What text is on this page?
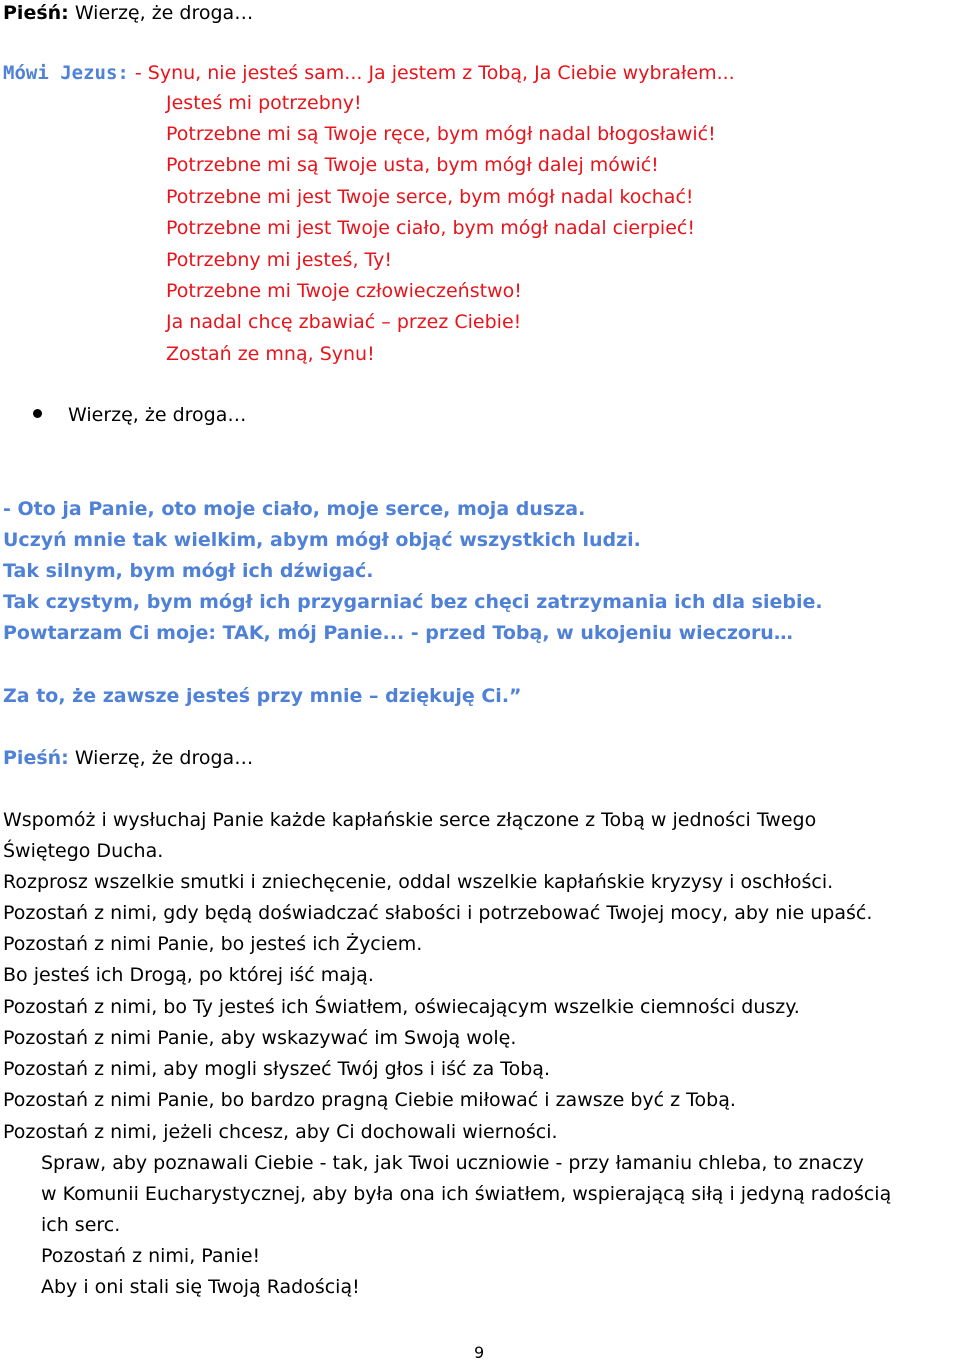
Pieśń: Wierzę, że droga…
Mówi Jezus: - Synu, nie jesteś sam... Ja jestem z Tobą, Ja Ciebie wybrałem...
Jesteś mi potrzebny!
Potrzebne mi są Twoje ręce, bym mógł nadal błogosławić!
Potrzebne mi są Twoje usta, bym mógł dalej mówić!
Potrzebne mi jest Twoje serce, bym mógł nadal kochać!
Potrzebne mi jest Twoje ciało, bym mógł nadal cierpieć!
Potrzebny mi jesteś, Ty!
Potrzebne mi Twoje człowieczeństwo!
Ja nadal chcę zbawiać – przez Ciebie!
Zostań ze mną, Synu!
Wierzę, że droga…
- Oto ja Panie, oto moje ciało, moje serce, moja dusza.
Uczyń mnie tak wielkim, abym mógł objąć wszystkich ludzi.
Tak silnym, bym mógł ich dźwigać.
Tak czystym, bym mógł ich przygarniać bez chęci zatrzymania ich dla siebie.
Powtarzam Ci moje: TAK, mój Panie... - przed Tobą, w ukojeniu wieczoru…
Za to, że zawsze jesteś przy mnie – dziękuję Ci.”
Pieśń: Wierzę, że droga…
Wspomóż i wysłuchaj Panie każde kapłańskie serce złączone z Tobą w jedności Twego
Świętego Ducha.
Rozprosz wszelkie smutki i zniechęcenie, oddal wszelkie kapłańskie kryzysy i oschłości.
Pozostań z nimi, gdy będą doświadczać słabości i potrzebować Twojej mocy, aby nie upaść.
Pozostań z nimi Panie, bo jesteś ich Życiem.
Bo jesteś ich Drogą, po której iść mają.
Pozostań z nimi, bo Ty jesteś ich Światłem, oświecającym wszelkie ciemności duszy.
Pozostań z nimi Panie, aby wskazywać im Swoją wolę.
Pozostań z nimi, aby mogli słyszeć Twój głos i iść za Tobą.
Pozostań z nimi Panie, bo bardzo pragną Ciebie miłować i zawsze być z Tobą.
Pozostań z nimi, jeżeli chcesz, aby Ci dochowali wierności.
Spraw, aby poznawali Ciebie - tak, jak Twoi uczniowie - przy łamaniu chleba, to znaczy
w Komunii Eucharystycznej, aby była ona ich światłem, wspierającą siłą i jedyną radością
ich serc.
Pozostań z nimi, Panie!
Aby i oni stali się Twoją Radością!
9
